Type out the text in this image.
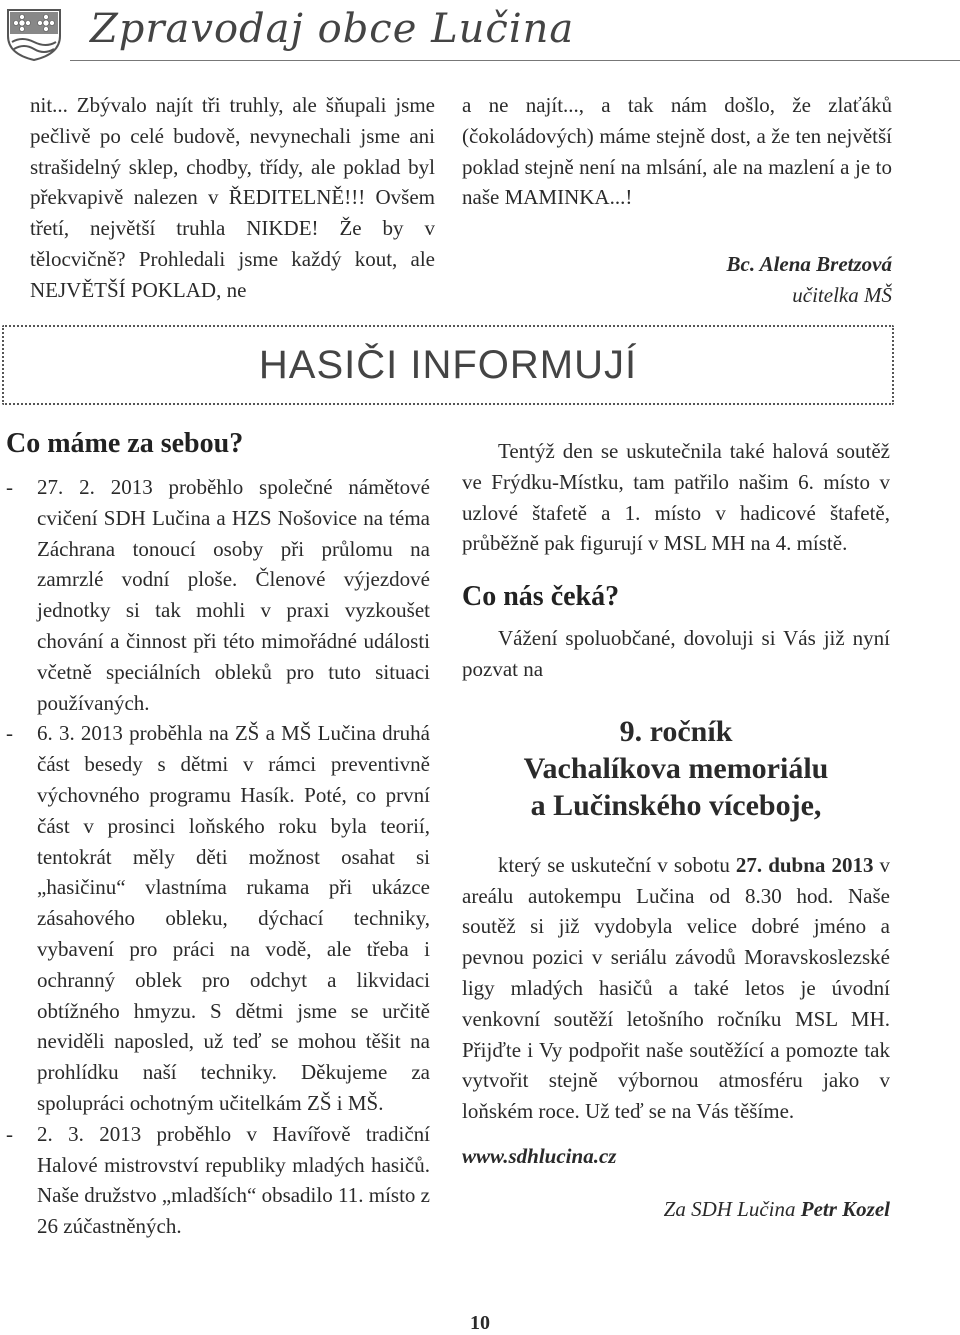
Zpravodaj obce Lučina

nit... Zbývalo najít tři truhly, ale šňupali jsme pečlivě po celé budově, nevynechali jsme ani strašidelný sklep, chodby, třídy, ale poklad byl překvapivě nalezen v ŘEDITELNĚ!!! Ovšem třetí, největší truhla NIKDE! Že by v tělocvičně? Prohledali jsme každý kout, ale NEJVĚTŠÍ POKLAD, ne

a ne najít..., a tak nám došlo, že zlaťáků (čokoládových) máme stejně dost, a že ten největší poklad stejně není na mlsání, ale na mazlení a je to naše MAMINKA...!

Bc. Alena Bretzová

učitelka MŠ

HASIČI INFORMUJÍ
Co máme za sebou?
- 27. 2. 2013 proběhlo společné námětové cvičení SDH Lučina a HZS Nošovice na téma Záchrana tonoucí osoby při průlomu na zamrzlé vodní ploše. Členové výjezdové jednotky si tak mohli v praxi vyzkoušet chování a činnost při této mimořádné události včetně speciálních obleků pro tuto situaci používaných.
- 6. 3. 2013 proběhla na ZŠ a MŠ Lučina druhá část besedy s dětmi v rámci preventivně výchovného programu Hasík. Poté, co první část v prosinci loňského roku byla teorií, tentokrát měly děti možnost osahat si „hasičinu“ vlastníma rukama při ukázce zásahového obleku, dýchací techniky, vybavení pro práci na vodě, ale třeba i ochranný oblek pro odchyt a likvidaci obtížného hmyzu. S dětmi jsme se určitě neviděli naposled, už teď se mohou těšit na prohlídku naší techniky. Děkujeme za spolupráci ochotným učitelkám ZŠ i MŠ.
- 2. 3. 2013 proběhlo v Havířově tradiční Halové mistrovství republiky mladých hasičů. Naše družstvo „mladších“ obsadilo 11. místo z 26 zúčastněných.

Tentýž den se uskutečnila také halová soutěž ve Frýdku-Místku, tam patřilo našim 6. místo v uzlové štafetě a 1. místo v hadicové štafetě, průběžně pak figurují v MSL MH na 4. místě.

Co nás čeká?

Vážení spoluobčané, dovoluji si Vás již nyní pozvat na

9. ročník
Vachalíkova memoriálu
a Lučinského víceboje,

který se uskuteční v sobotu 27. dubna 2013 v areálu autokempu Lučina od 8.30 hod. Naše soutěž si již vydobyla velice dobré jméno a pevnou pozici v seriálu závodů Moravskoslezské ligy mladých hasičů a také letos je úvodní venkovní soutěží letošního ročníku MSL MH. Přijďte i Vy podpořit naše soutěžící a pomozte tak vytvořit stejně výbornou atmosféru jako v loňském roce. Už teď se na Vás těšíme.

www.sdhlucina.cz

Za SDH Lučina Petr Kozel

10
